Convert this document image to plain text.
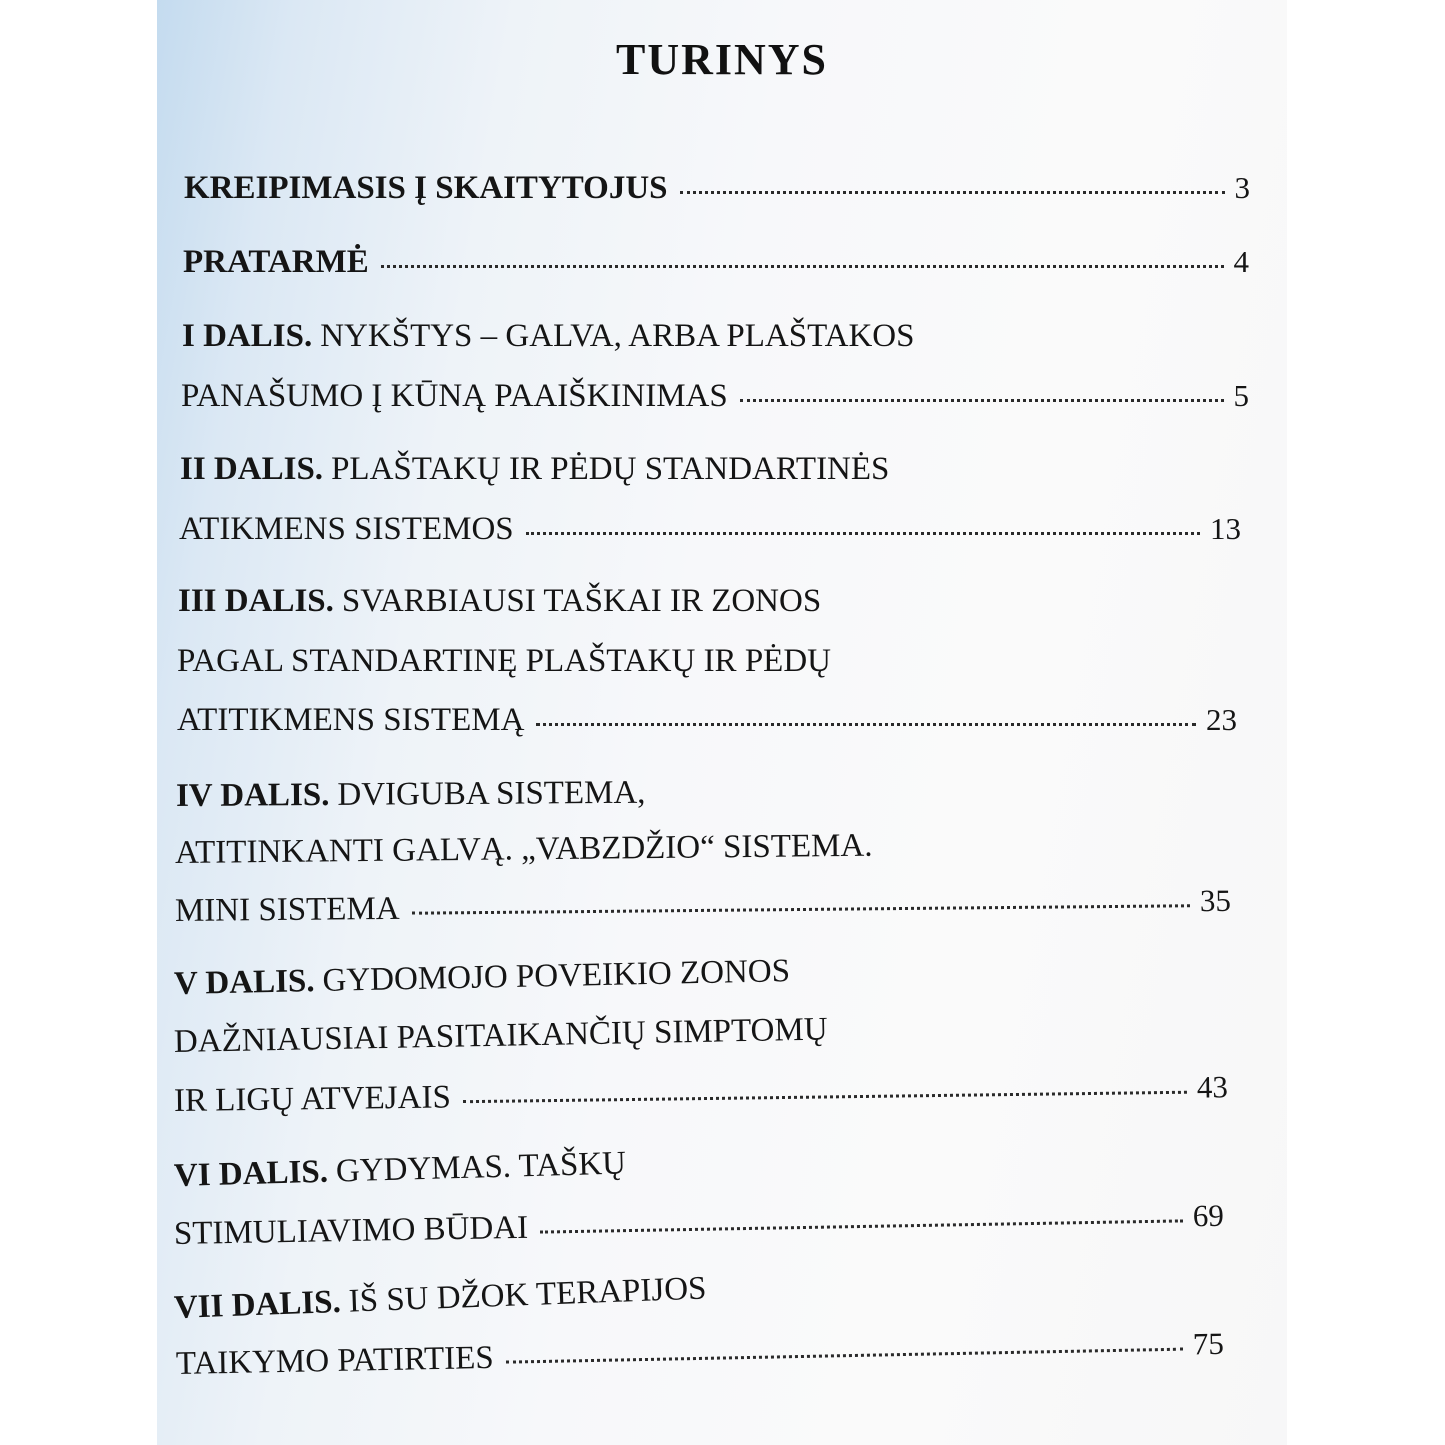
TURINYS
KREIPIMASIS Į SKAITYTOJUS	3
PRATARMĖ	4
I DALIS. NYKŠTYS – GALVA, ARBA PLAŠTAKOS
PANAŠUMO Į KŪNĄ PAAIŠKINIMAS	5
II DALIS. PLAŠTAKŲ IR PĖDŲ STANDARTINĖS
ATIKMENS SISTEMOS	13
III DALIS. SVARBIAUSI TAŠKAI IR ZONOS
PAGAL STANDARTINĘ PLAŠTAKŲ IR PĖDŲ
ATITIKMENS SISTEMĄ	23
IV DALIS. DVIGUBA SISTEMA,
ATITINKANTI GALVĄ. „VABZDŽIO“ SISTEMA.
MINI SISTEMA	35
V DALIS. GYDOMOJO POVEIKIO ZONOS
DAŽNIAUSIAI PASITAIKANČIŲ SIMPTOMŲ
IR LIGŲ ATVEJAIS	43
VI DALIS. GYDYMAS. TAŠKŲ
STIMULIAVIMO BŪDAI	69
VII DALIS. IŠ SU DŽOK TERAPIJOS
TAIKYMO PATIRTIES	75
